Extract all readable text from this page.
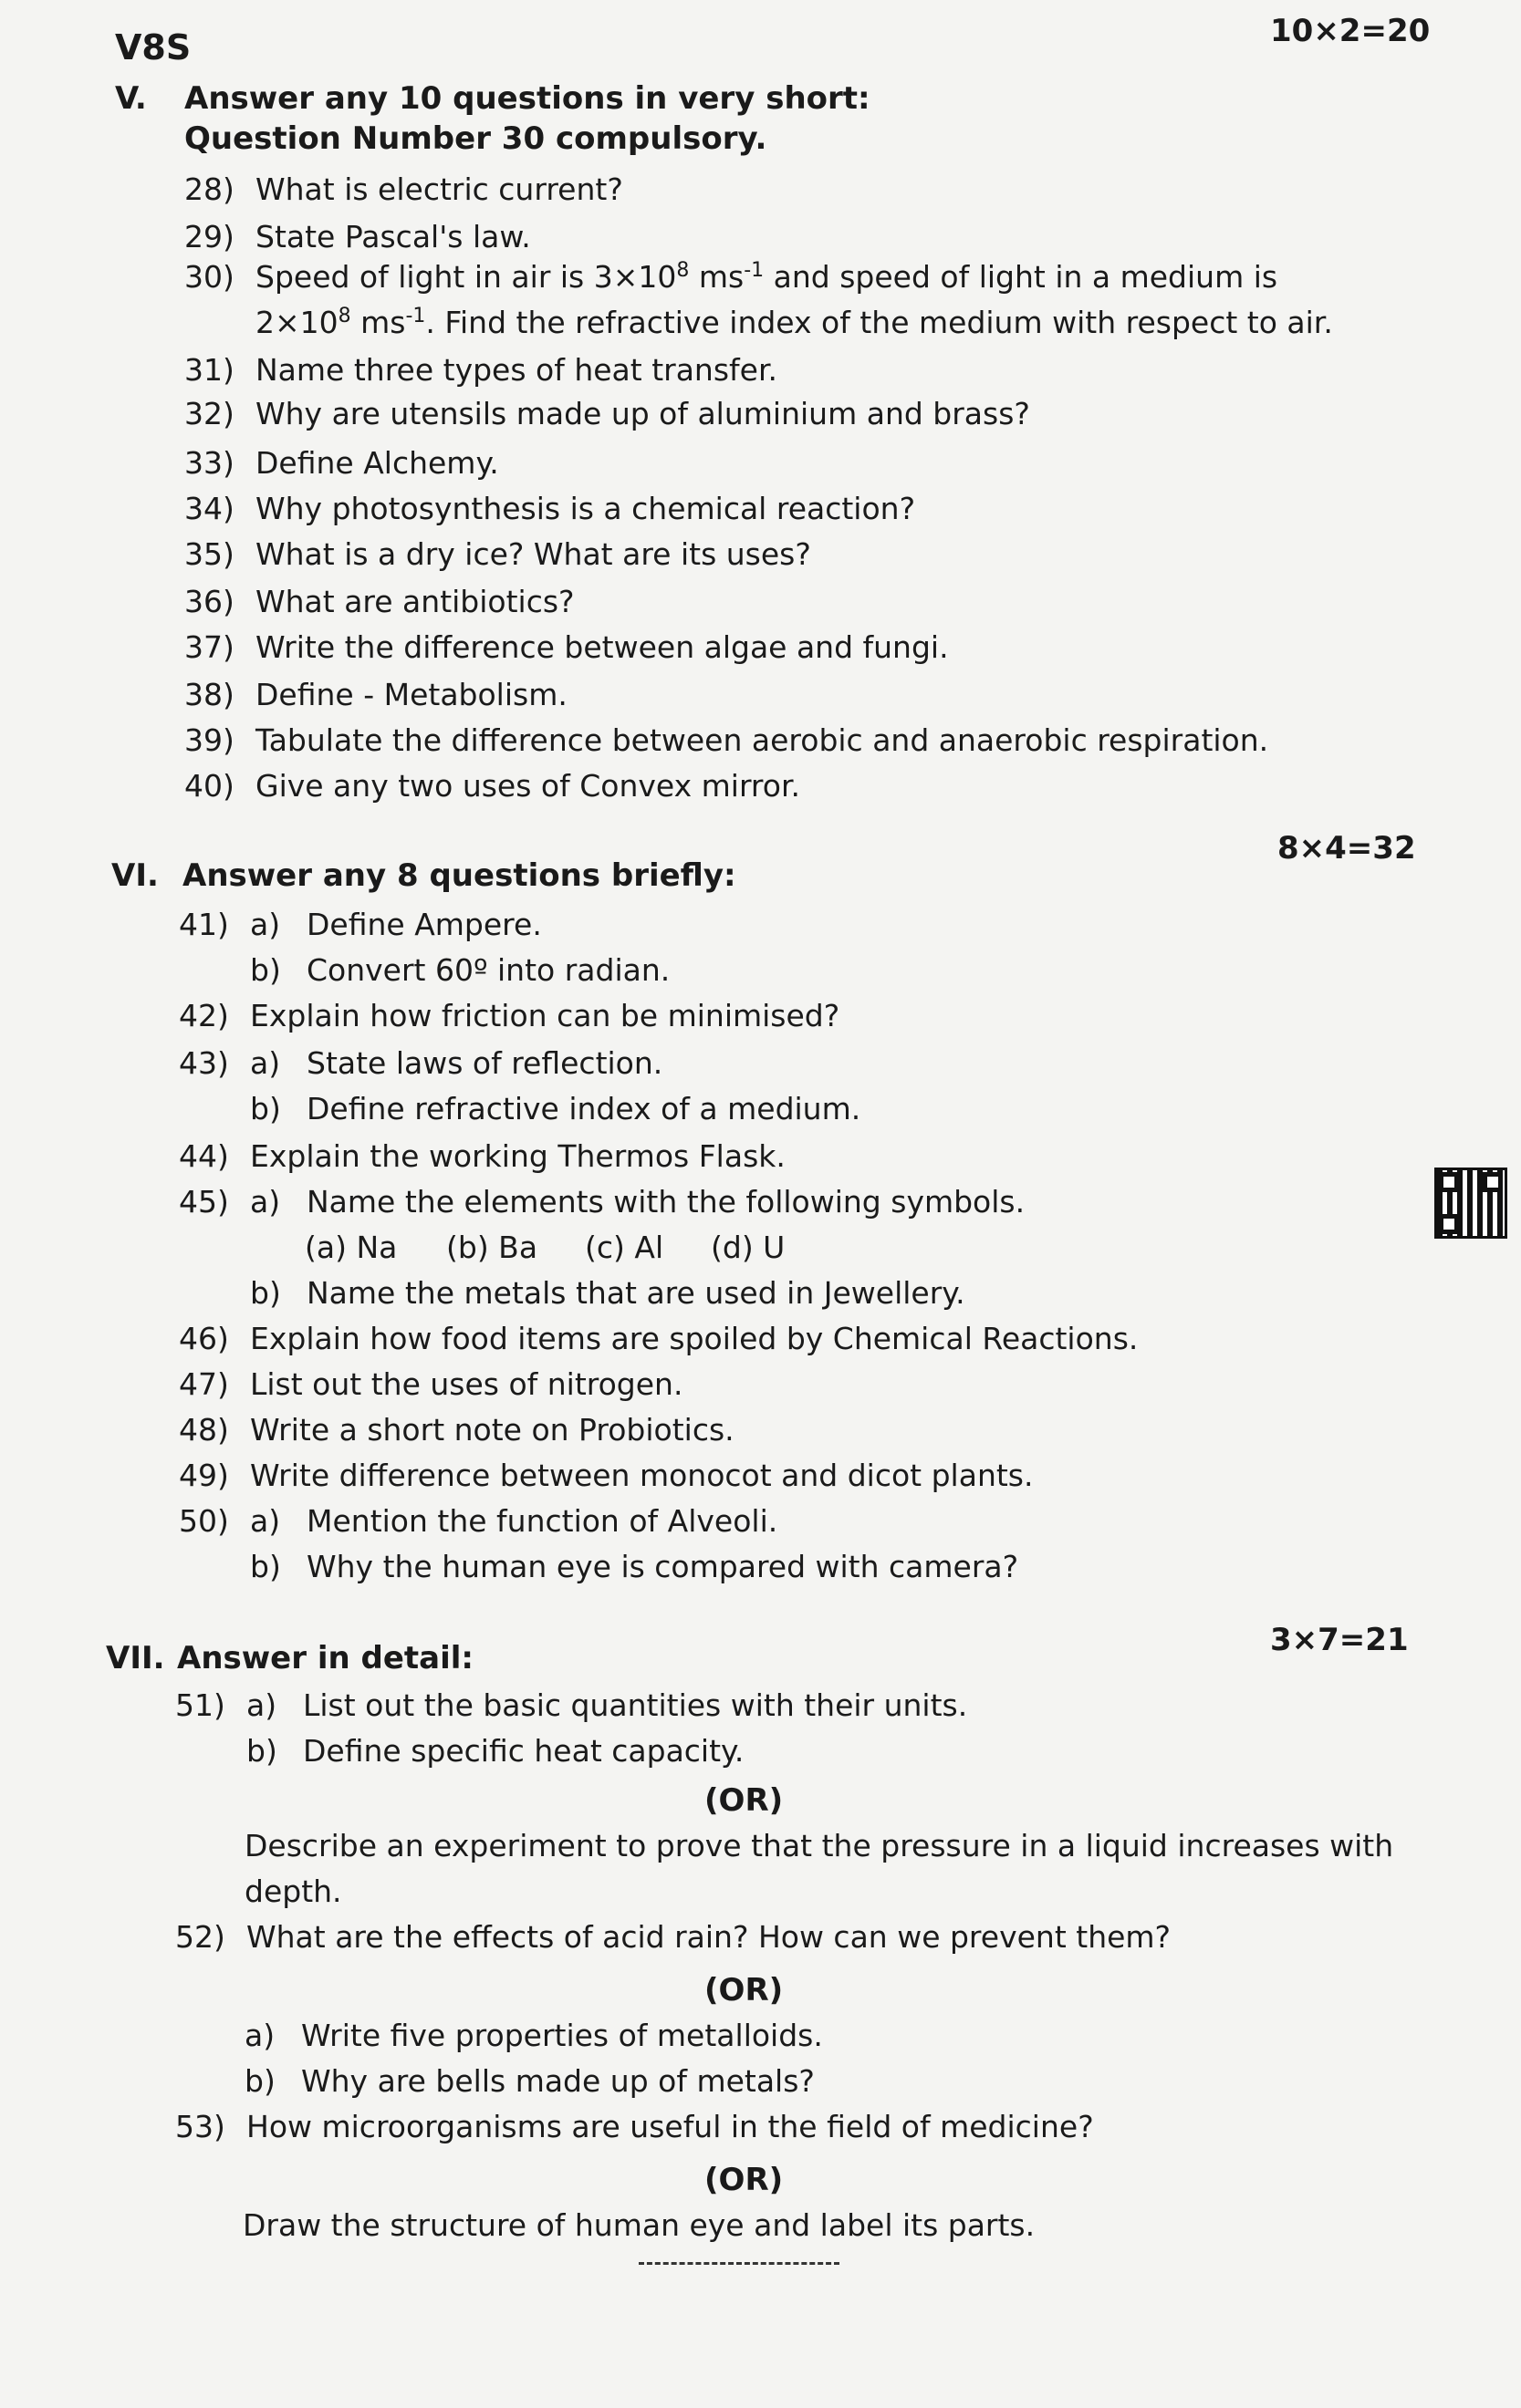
V8S
V. Answer any 10 questions in very short:
10×2=20
Question Number 30 compulsory.
28) What is electric current?
29) State Pascal's law.
30) Speed of light in air is $3\times 10^8$ $ms^{-1}$ and speed of light in a medium is
$2\times 10^8$ $ms^{-1}$. Find the refractive index of the medium with respect to air.
31) Name three types of heat transfer.
32) Why are utensils made up of aluminium and brass?
33) Define Alchemy.
34) Why photosynthesis is a chemical reaction?
35) What is a dry ice? What are its uses?
36) What are antibiotics?
37) Write the difference between algae and fungi.
38) Define - Metabolism.
39) Tabulate the difference between aerobic and anaerobic respiration.
40) Give any two uses of Convex mirror.
VI. Answer any 8 questions briefly:
8×4=32
41) a) Define Ampere.
b) Convert 60º into radian.
42) Explain how friction can be minimised?
43) a) State laws of reflection.
b) Define refractive index of a medium.
44) Explain the working Thermos Flask.
45) a) Name the elements with the following symbols.
(a) Na (b) Ba (c) Al (d) U
b) Name the metals that are used in Jewellery.
46) Explain how food items are spoiled by Chemical Reactions.
47) List out the uses of nitrogen.
48) Write a short note on Probiotics.
49) Write difference between monocot and dicot plants.
50) a) Mention the function of Alveoli.
b) Why the human eye is compared with camera?
VII. Answer in detail:	3×7=21
51) a) List out the basic quantities with their units.
b) Define specific heat capacity.
(OR)
Describe an experiment to prove that the pressure in a liquid increases with
depth.
52) What are the effects of acid rain? How can we prevent them?
(OR)
a) Write five properties of metalloids.
b) Why are bells made up of metals?
53) How microorganisms are useful in the field of medicine?
(OR)
Draw the structure of human eye and label its parts.
